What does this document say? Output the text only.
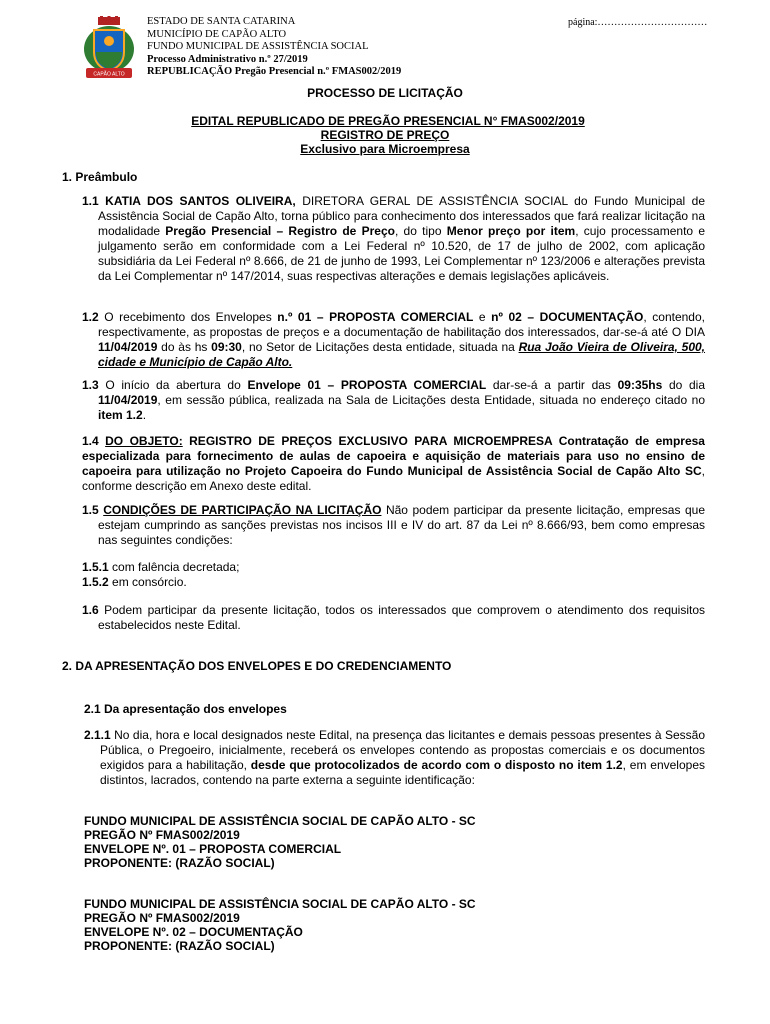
CAPÃO ALTO
ESTADO DE SANTA CATARINA
MUNICÍPIO DE CAPÃO ALTO
FUNDO MUNICIPAL DE ASSISTÊNCIA SOCIAL
Processo Administrativo n.º 27/2019
REPUBLICAÇÃO Pregão Presencial n.º FMAS002/2019
página:……………………………
PROCESSO DE LICITAÇÃO
EDITAL REPUBLICADO DE PREGÃO PRESENCIAL N° FMAS002/2019
REGISTRO DE PREÇO
Exclusivo para Microempresa
1. Preâmbulo

1.1 KATIA DOS SANTOS OLIVEIRA, DIRETORA GERAL DE ASSISTÊNCIA SOCIAL do Fundo Municipal de Assistência Social de Capão Alto, torna público para conhecimento dos interessados que fará realizar licitação na modalidade Pregão Presencial – Registro de Preço, do tipo Menor preço por item, cujo processamento e julgamento serão em conformidade com a Lei Federal nº 10.520, de 17 de julho de 2002, com aplicação subsidiária da Lei Federal nº 8.666, de 21 de junho de 1993, Lei Complementar nº 123/2006 e alterações prevista da Lei Complementar nº 147/2014, suas respectivas alterações e demais legislações aplicáveis.

1.2 O recebimento dos Envelopes n.º 01 – PROPOSTA COMERCIAL e nº 02 – DOCUMENTAÇÃO, contendo, respectivamente, as propostas de preços e a documentação de habilitação dos interessados, dar-se-á até O DIA 11/04/2019 do às hs 09:30, no Setor de Licitações desta entidade, situada na Rua João Vieira de Oliveira, 500, cidade e Município de Capão Alto.

1.3 O início da abertura do Envelope 01 – PROPOSTA COMERCIAL dar-se-á a partir das 09:35hs do dia 11/04/2019, em sessão pública, realizada na Sala de Licitações desta Entidade, situada no endereço citado no item 1.2.

1.4 DO OBJETO: REGISTRO DE PREÇOS EXCLUSIVO PARA MICROEMPRESA Contratação de empresa especializada para fornecimento de aulas de capoeira e aquisição de materiais para uso no ensino de capoeira para utilização no Projeto Capoeira do Fundo Municipal de Assistência Social de Capão Alto SC, conforme descrição em Anexo deste edital.

1.5 CONDIÇÕES DE PARTICIPAÇÃO NA LICITAÇÃO Não podem participar da presente licitação, empresas que estejam cumprindo as sanções previstas nos incisos III e IV do art. 87 da Lei nº 8.666/93, bem como empresas nas seguintes condições:

1.5.1 com falência decretada;
1.5.2 em consórcio.

1.6 Podem participar da presente licitação, todos os interessados que comprovem o atendimento dos requisitos estabelecidos neste Edital.

2. DA APRESENTAÇÃO DOS ENVELOPES E DO CREDENCIAMENTO
2.1 Da apresentação dos envelopes

2.1.1 No dia, hora e local designados neste Edital, na presença das licitantes e demais pessoas presentes à Sessão Pública, o Pregoeiro, inicialmente, receberá os envelopes contendo as propostas comerciais e os documentos exigidos para a habilitação, desde que protocolizados de acordo com o disposto no item 1.2, em envelopes distintos, lacrados, contendo na parte externa a seguinte identificação:

FUNDO MUNICIPAL DE ASSISTÊNCIA SOCIAL DE CAPÃO ALTO - SC
PREGÃO Nº FMAS002/2019
ENVELOPE Nº. 01 – PROPOSTA COMERCIAL
PROPONENTE: (RAZÃO SOCIAL)
FUNDO MUNICIPAL DE ASSISTÊNCIA SOCIAL DE CAPÃO ALTO - SC
PREGÃO Nº FMAS002/2019
ENVELOPE Nº. 02 – DOCUMENTAÇÃO
PROPONENTE: (RAZÃO SOCIAL)
